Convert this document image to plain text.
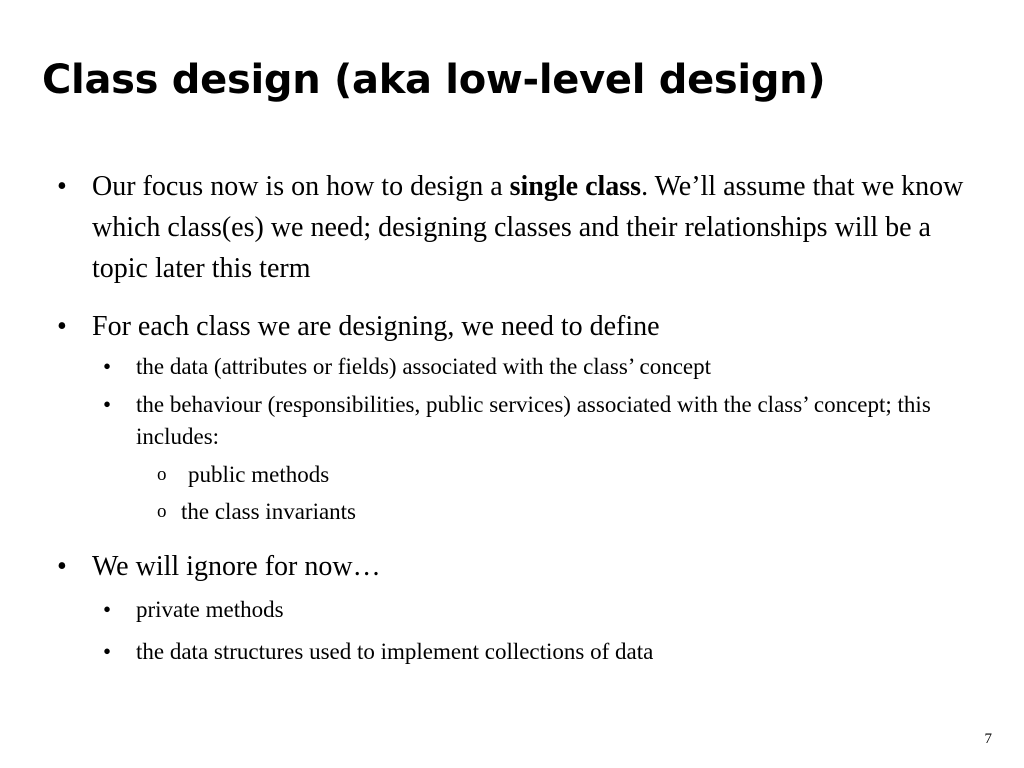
Class design (aka low-level design)
• Our focus now is on how to design a single class. We’ll assume that we know which class(es) we need; designing classes and their relationships will be a topic later this term
• For each class we are designing, we need to define
• the data (attributes or fields) associated with the class’ concept
• the behaviour (responsibilities, public services) associated with the class’ concept; this includes:
o public methods
o the class invariants
• We will ignore for now…
• private methods
• the data structures used to implement collections of data
7
